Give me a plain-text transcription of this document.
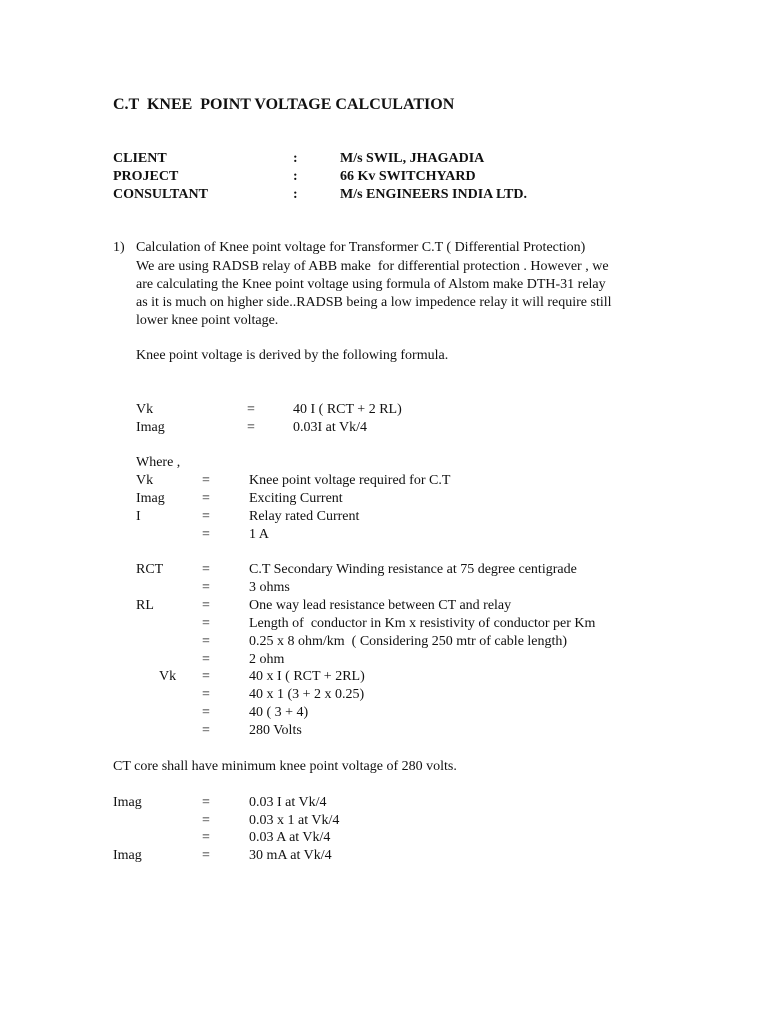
C.T  KNEE  POINT VOLTAGE CALCULATION
CLIENT	:	M/s SWIL, JHAGADIA
PROJECT	:	66 Kv SWITCHYARD
CONSULTANT	:	M/s ENGINEERS INDIA LTD.
1) Calculation of Knee point voltage for Transformer C.T ( Differential Protection)
We are using RADSB relay of ABB make  for differential protection . However , we
are calculating the Knee point voltage using formula of Alstom make DTH-31 relay
as it is much on higher side..RADSB being a low impedence relay it will require still
lower knee point voltage.
Knee point voltage is derived by the following formula.
Vk	=	40 I ( RCT + 2 RL)
Imag	=	0.03I at Vk/4
Where ,
Vk	=	Knee point voltage required for C.T
Imag	=	Exciting Current
I	=	Relay rated Current
=	1 A
RCT	=	C.T Secondary Winding resistance at 75 degree centigrade
=	3 ohms
RL	=	One way lead resistance between CT and relay
=	Length of  conductor in Km x resistivity of conductor per Km
=	0.25 x 8 ohm/km  ( Considering 250 mtr of cable length)
=	2 ohm
Vk =	40 x I ( RCT + 2RL)
=	40 x 1 (3 + 2 x 0.25)
=	40 ( 3 + 4)
=	280 Volts
CT core shall have minimum knee point voltage of 280 volts.
Imag	=	0.03 I at Vk/4
=	0.03 x 1 at Vk/4
=	0.03 A at Vk/4
Imag	=	30 mA at Vk/4
